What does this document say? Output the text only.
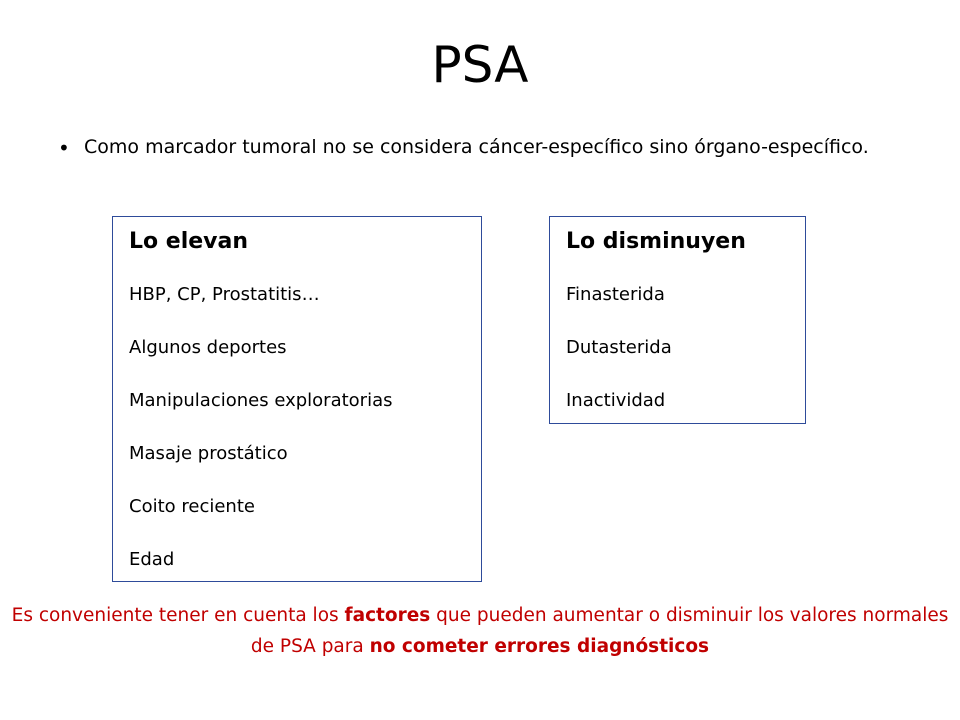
PSA
• Como marcador tumoral no se considera cáncer-específico sino órgano-específico.
Lo elevan
HBP, CP, Prostatitis…
Algunos deportes
Manipulaciones exploratorias
Masaje prostático
Coito reciente
Edad
Lo disminuyen
Finasterida
Dutasterida
Inactividad
Es conveniente tener en cuenta los factores que pueden aumentar o disminuir los valores normales de PSA para no cometer errores diagnósticos
